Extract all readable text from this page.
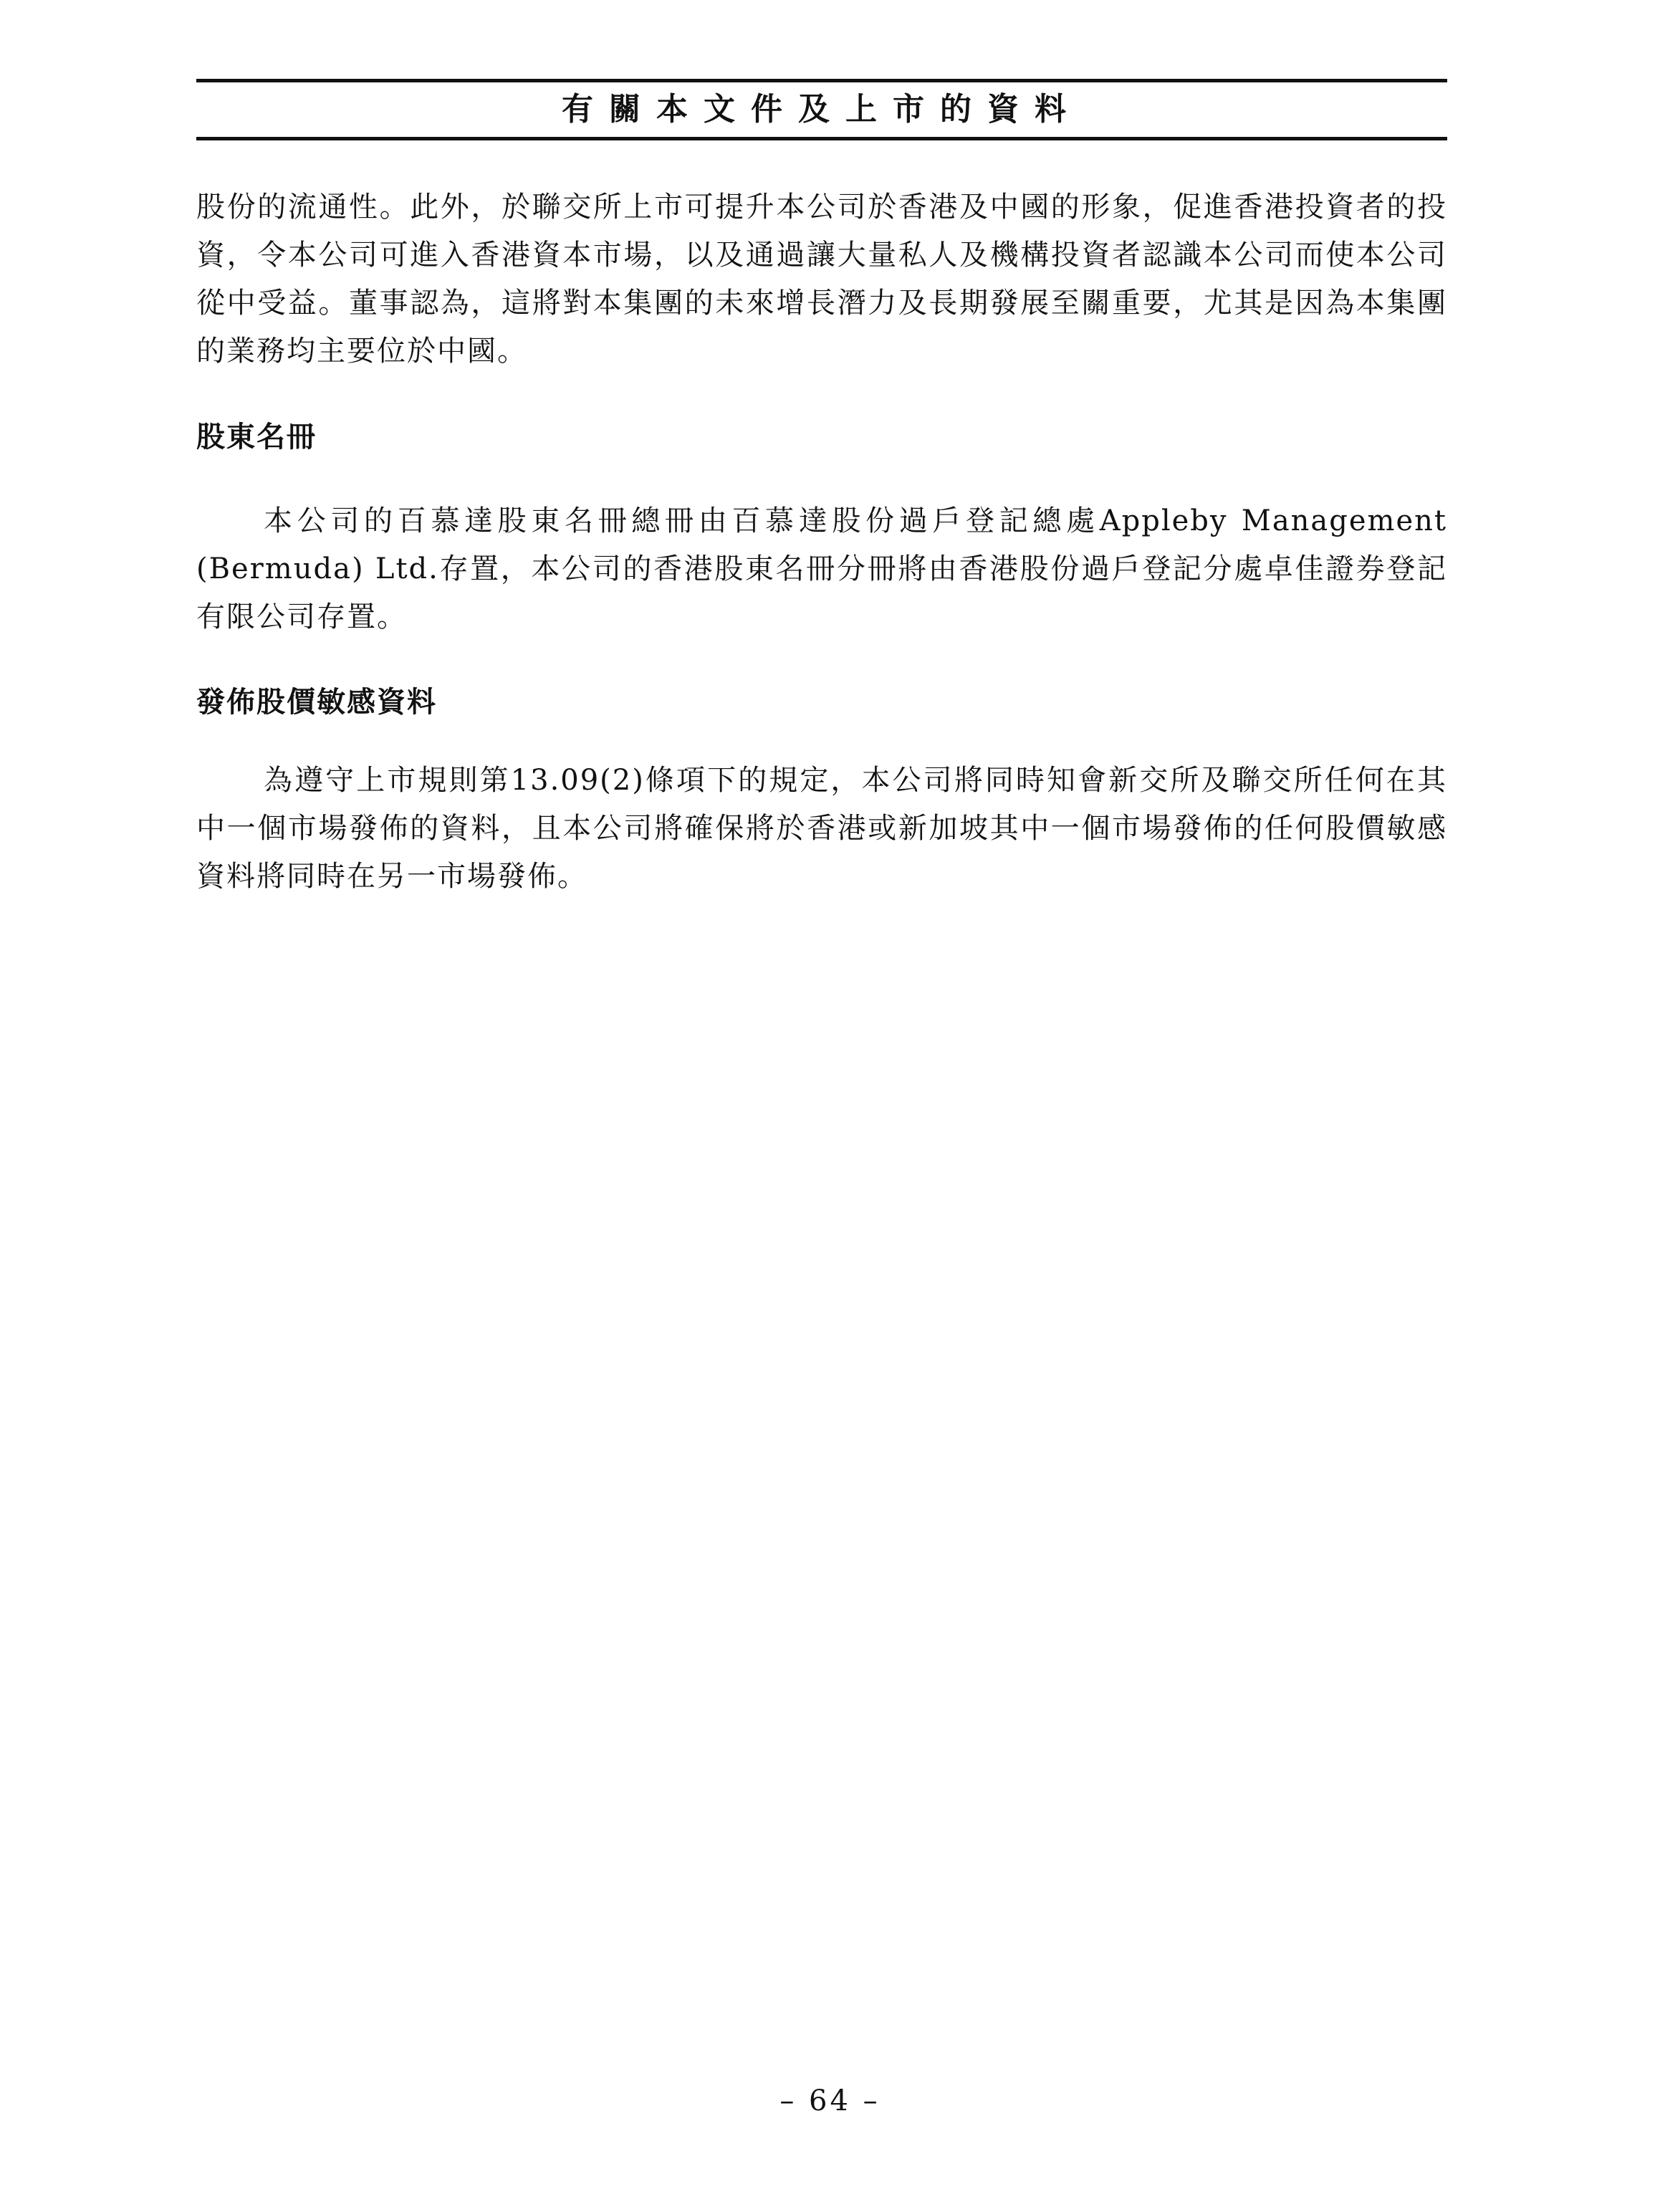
有關本文件及上市的資料
股份的流通性。此外，於聯交所上市可提升本公司於香港及中國的形象，促進香港投資者的投資，令本公司可進入香港資本市場，以及通過讓大量私人及機構投資者認識本公司而使本公司從中受益。董事認為，這將對本集團的未來增長潛力及長期發展至關重要，尤其是因為本集團的業務均主要位於中國。
股東名冊
本公司的百慕達股東名冊總冊由百慕達股份過戶登記總處Appleby Management (Bermuda) Ltd.存置，本公司的香港股東名冊分冊將由香港股份過戶登記分處卓佳證券登記有限公司存置。
發佈股價敏感資料
為遵守上市規則第13.09(2)條項下的規定，本公司將同時知會新交所及聯交所任何在其中一個市場發佈的資料，且本公司將確保將於香港或新加坡其中一個市場發佈的任何股價敏感資料將同時在另一市場發佈。
– 64 –
